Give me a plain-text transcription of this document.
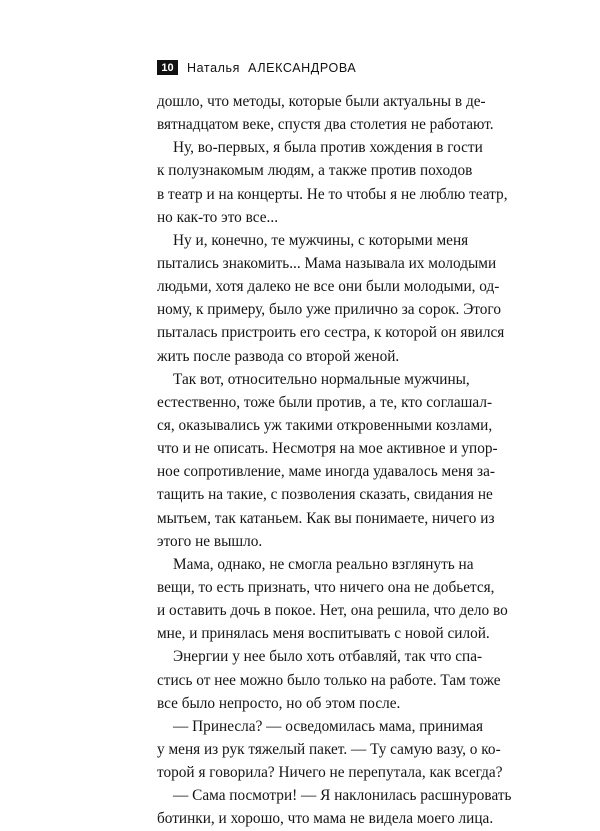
10	Наталья  АЛЕКСАНДРОВА
дошло, что методы, которые были актуальны в де-
вятнадцатом веке, спустя два столетия не работают.
Ну, во-первых, я была против хождения в гости
к полузнакомым людям, а также против походов
в театр и на концерты. Не то чтобы я не люблю театр,
но как-то это все...
Ну и, конечно, те мужчины, с которыми меня
пытались знакомить... Мама называла их молодыми
людьми, хотя далеко не все они были молодыми, од-
ному, к примеру, было уже прилично за сорок. Этого
пыталась пристроить его сестра, к которой он явился
жить после развода со второй женой.
Так вот, относительно нормальные мужчины,
естественно, тоже были против, а те, кто соглашал-
ся, оказывались уж такими откровенными козлами,
что и не описать. Несмотря на мое активное и упор-
ное сопротивление, маме иногда удавалось меня за-
тащить на такие, с позволения сказать, свидания не
мытьем, так катаньем. Как вы понимаете, ничего из
этого не вышло.
Мама, однако, не смогла реально взглянуть на
вещи, то есть признать, что ничего она не добьется,
и оставить дочь в покое. Нет, она решила, что дело во
мне, и принялась меня воспитывать с новой силой.
Энергии у нее было хоть отбавляй, так что спа-
стись от нее можно было только на работе. Там тоже
все было непросто, но об этом после.
— Принесла? — осведомилась мама, принимая
у меня из рук тяжелый пакет. — Ту самую вазу, о ко-
торой я говорила? Ничего не перепутала, как всегда?
— Сама посмотри! — Я наклонилась расшнуровать
ботинки, и хорошо, что мама не видела моего лица.
